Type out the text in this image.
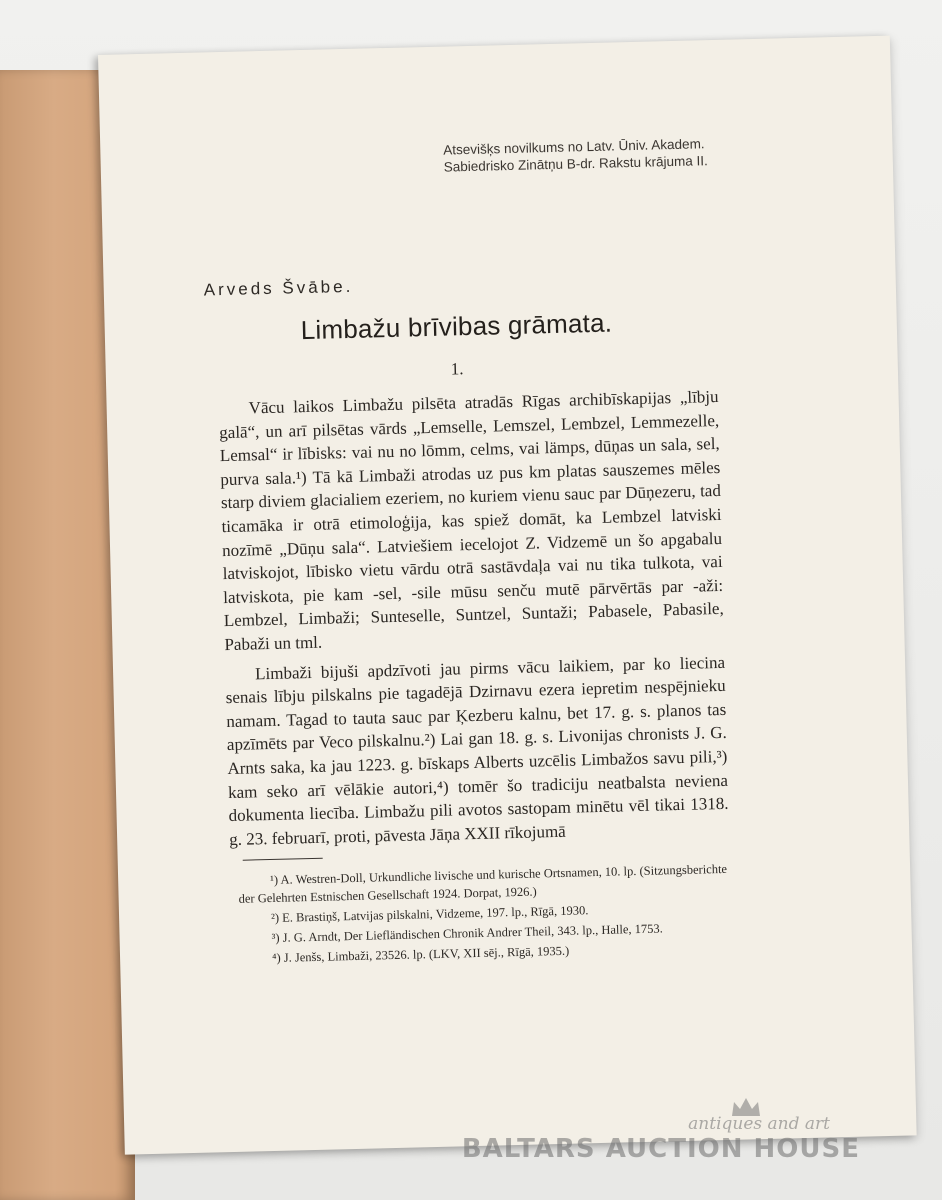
Atsevišķs novilkums no Latv. Ūniv. Akadem.
Sabiedrisko Zinātņu B-dr. Rakstu krājuma II.
Arveds Švābe.
Limbažu brīvibas grāmata.
1.

Vācu laikos Limbažu pilsēta atradās Rīgas archibīskapijas „lībju galā“, un arī pilsētas vārds „Lemselle, Lemszel, Lembzel, Lemmezelle, Lemsal“ ir lībisks: vai nu no lōmm, celms, vai lämps, dūņas un sala, sel, purva sala.¹) Tā kā Limbaži atrodas uz pus km platas sauszemes mēles starp diviem glacialiem ezeriem, no kuriem vienu sauc par Dūņezeru, tad ticamāka ir otrā etimoloģija, kas spiež domāt, ka Lembzel latviski nozīmē „Dūņu sala“. Latviešiem iecelojot Z. Vidzemē un šo apgabalu latviskojot, lībisko vietu vārdu otrā sastāvdaļa vai nu tika tulkota, vai latviskota, pie kam -sel, -sile mūsu senču mutē pārvērtās par -aži: Lembzel, Limbaži; Sunteselle, Suntzel, Suntaži; Pabasele, Pabasile, Pabaži un tml.

Limbaži bijuši apdzīvoti jau pirms vācu laikiem, par ko liecina senais lībju pilskalns pie tagadējā Dzirnavu ezera iepretim nespējnieku namam. Tagad to tauta sauc par Ķezberu kalnu, bet 17. g. s. planos tas apzīmēts par Veco pilskalnu.²) Lai gan 18. g. s. Livonijas chronists J. G. Arnts saka, ka jau 1223. g. bīskaps Alberts uzcēlis Limbažos savu pili,³) kam seko arī vēlākie autori,⁴) tomēr šo tradiciju neatbalsta neviena dokumenta liecība. Limbažu pili avotos sastopam minētu vēl tikai 1318. g. 23. februarī, proti, pāvesta Jāņa XXII rīkojumā

¹) A. Westren-Doll, Urkundliche livische und kurische Ortsnamen, 10. lp. (Sitzungsberichte der Gelehrten Estnischen Gesellschaft 1924. Dorpat, 1926.)

²) E. Brastiņš, Latvijas pilskalni, Vidzeme, 197. lp., Rīgā, 1930.

³) J. G. Arndt, Der Liefländischen Chronik Andrer Theil, 343. lp., Halle, 1753.

⁴) J. Jenšs, Limbaži, 23526. lp. (LKV, XII sēj., Rīgā, 1935.)

antiques and art
BALTARS AUCTION HOUSE
